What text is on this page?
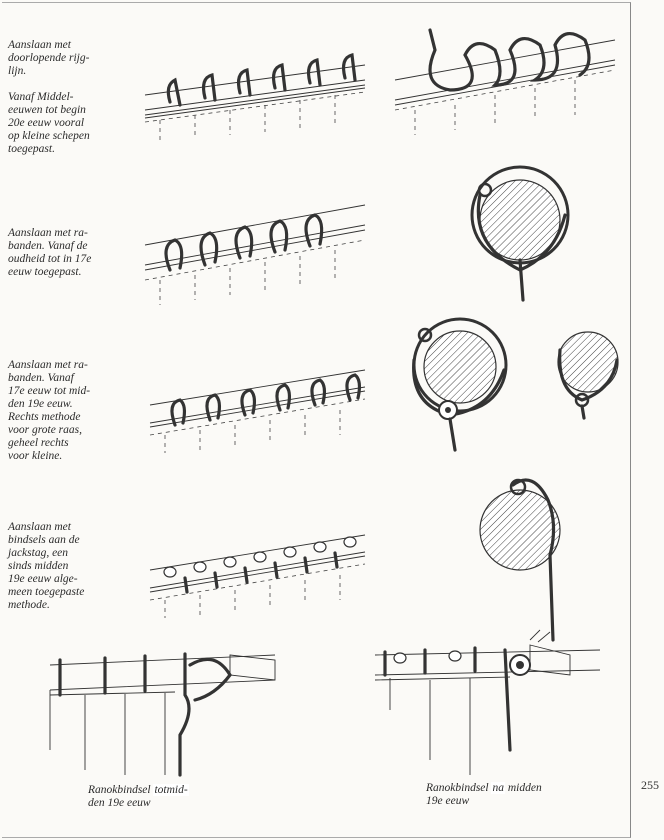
Aanslaan met
doorlopende rijg-
lijn.

Vanaf Middel-
eeuwen tot begin
20e eeuw vooral
op kleine schepen
toegepast.
Aanslaan met ra-
banden. Vanaf de
oudheid tot in 17e
eeuw toegepast.
Aanslaan met ra-
banden. Vanaf
17e eeuw tot mid-
den 19e eeuw.
Rechts methode
voor grote raas,
geheel rechts
voor kleine.
Aanslaan met
bindsels aan de
jackstag, een
sinds midden
19e eeuw alge-
meen toegepaste
methode.
Ranokbindsel totmid-
den 19e eeuw
Ranokbindsel na midden
19e eeuw
255
